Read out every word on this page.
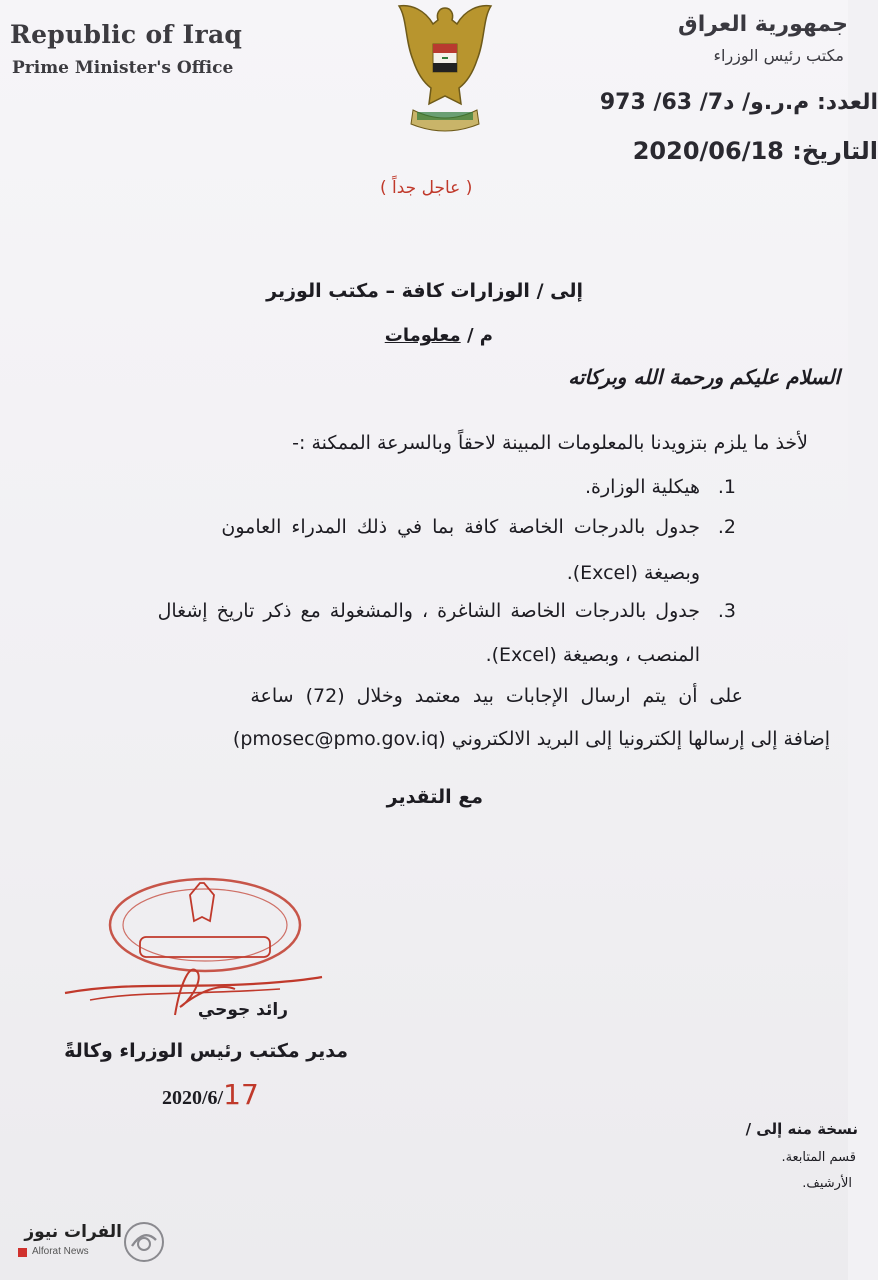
Republic of Iraq
Prime Minister's Office
جمهورية العراق
مكتب رئيس الوزراء
العدد: م.ر.و/ د7/ 63/ 973
التاريخ: 2020/06/18
( عاجل جداً )
إلى / الوزارات كافة – مكتب الوزير
م / معلومات
السلام عليكم ورحمة الله وبركاته
لأخذ ما يلزم بتزويدنا بالمعلومات المبينة لاحقاً وبالسرعة الممكنة :-
1.
هيكلية الوزارة.
2.
جدول بالدرجات الخاصة كافة بما في ذلك المدراء العامون
وبصيغة (Excel).
3.
جدول بالدرجات الخاصة الشاغرة ، والمشغولة مع ذكر تاريخ إشغال
المنصب ، وبصيغة (Excel).
على أن يتم ارسال الإجابات بيد معتمد وخلال (72) ساعة
إضافة إلى إرسالها إلكترونيا إلى البريد الالكتروني (pmosec@pmo.gov.iq)
مع التقدير
رائد جوحي
مدير مكتب رئيس الوزراء وكالةً
2020/6/17
نسخة منه إلى /
قسم المتابعة.
الأرشيف.
الفرات نيوز
Alforat News
